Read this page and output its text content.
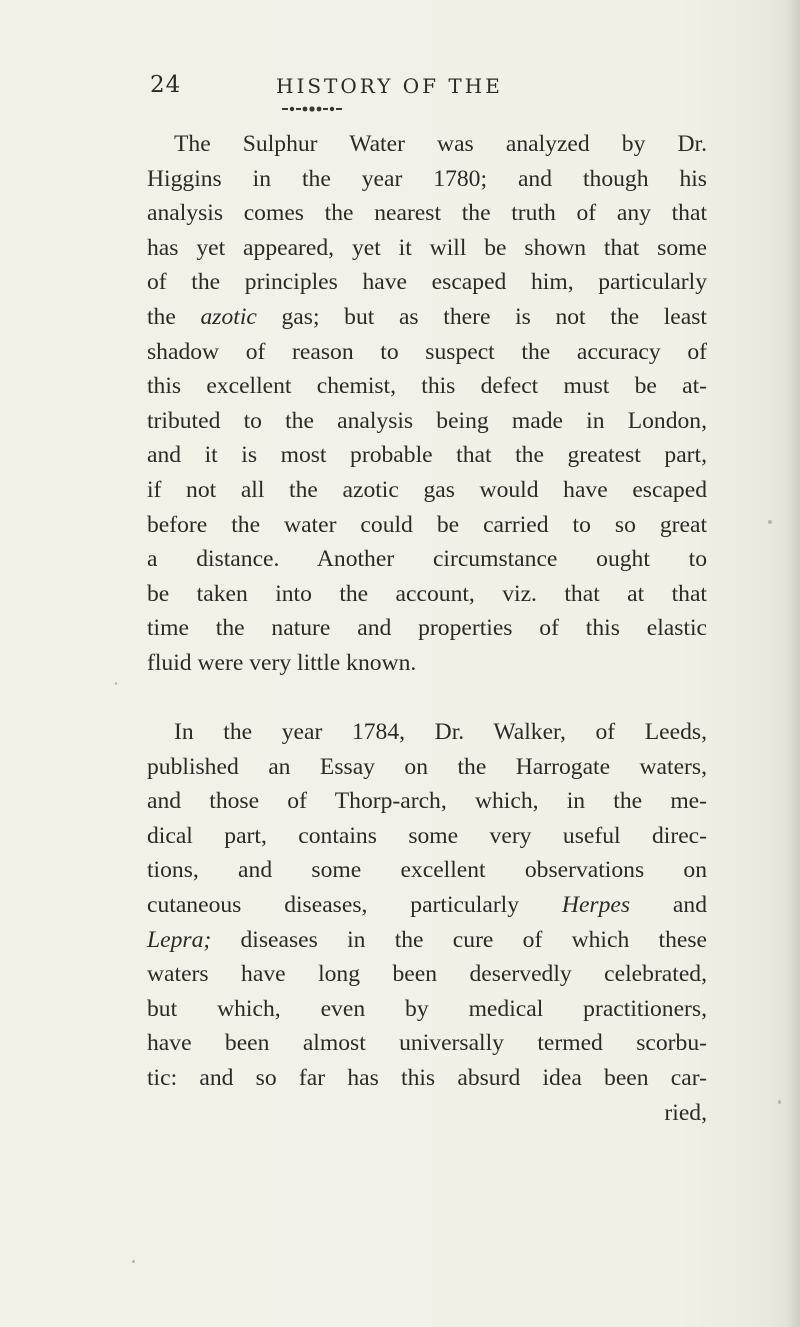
24	HISTORY OF THE
The Sulphur Water was analyzed by Dr.
Higgins in the year 1780; and though his
analysis comes the nearest the truth of any that
has yet appeared, yet it will be shown that some
of the principles have escaped him, particularly
the azotic gas; but as there is not the least
shadow of reason to suspect the accuracy of
this excellent chemist, this defect must be at-
tributed to the analysis being made in London,
and it is most probable that the greatest part,
if not all the azotic gas would have escaped
before the water could be carried to so great
a distance. Another circumstance ought to
be taken into the account, viz. that at that
time the nature and properties of this elastic
fluid were very little known.
In the year 1784, Dr. Walker, of Leeds,
published an Essay on the Harrogate waters,
and those of Thorp-arch, which, in the me-
dical part, contains some very useful direc-
tions, and some excellent observations on
cutaneous diseases, particularly Herpes and
Lepra; diseases in the cure of which these
waters have long been deservedly celebrated,
but which, even by medical practitioners,
have been almost universally termed scorbu-
tic: and so far has this absurd idea been car-
ried,
